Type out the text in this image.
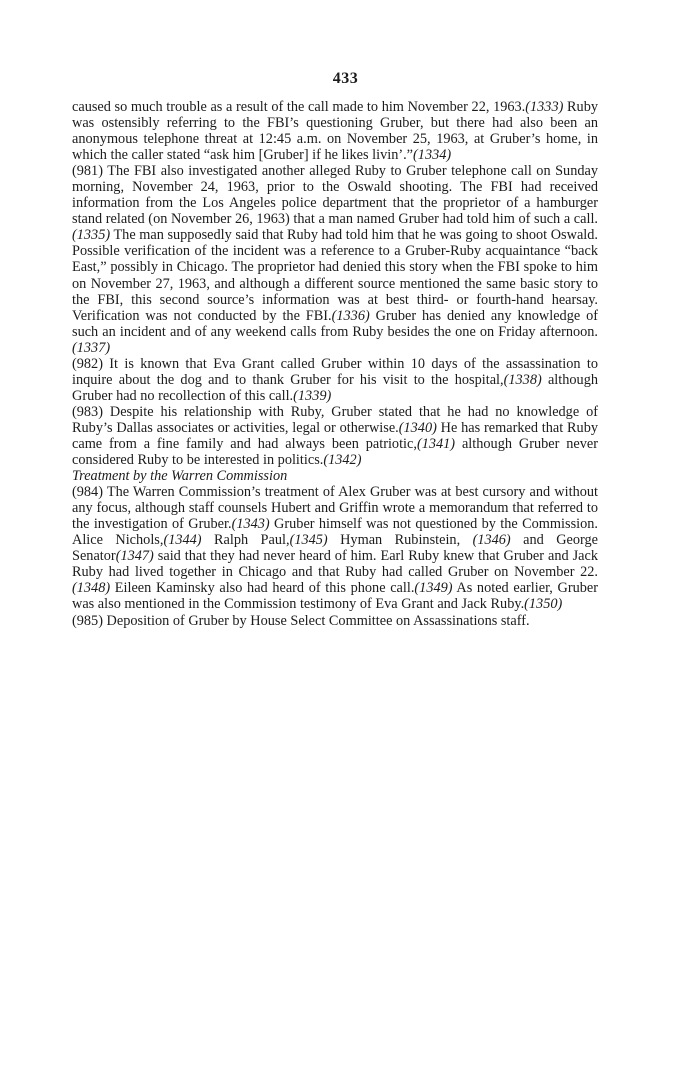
433

caused so much trouble as a result of the call made to him November 22, 1963.(1333) Ruby was ostensibly referring to the FBI’s questioning Gruber, but there had also been an anonymous telephone threat at 12:45 a.m. on November 25, 1963, at Gruber’s home, in which the caller stated “ask him [Gruber] if he likes livin’.”(1334)

(981) The FBI also investigated another alleged Ruby to Gruber telephone call on Sunday morning, November 24, 1963, prior to the Oswald shooting. The FBI had received information from the Los Angeles police department that the proprietor of a hamburger stand related (on November 26, 1963) that a man named Gruber had told him of such a call.(1335) The man supposedly said that Ruby had told him that he was going to shoot Oswald. Possible verification of the incident was a reference to a Gruber-Ruby acquaintance “back East,” possibly in Chicago. The proprietor had denied this story when the FBI spoke to him on November 27, 1963, and although a different source mentioned the same basic story to the FBI, this second source’s information was at best third- or fourth-hand hearsay. Verification was not conducted by the FBI.(1336) Gruber has denied any knowledge of such an incident and of any weekend calls from Ruby besides the one on Friday afternoon.(1337)

(982) It is known that Eva Grant called Gruber within 10 days of the assassination to inquire about the dog and to thank Gruber for his visit to the hospital,(1338) although Gruber had no recollection of this call.(1339)

(983) Despite his relationship with Ruby, Gruber stated that he had no knowledge of Ruby’s Dallas associates or activities, legal or otherwise.(1340) He has remarked that Ruby came from a fine family and had always been patriotic,(1341) although Gruber never considered Ruby to be interested in politics.(1342)

Treatment by the Warren Commission

(984) The Warren Commission’s treatment of Alex Gruber was at best cursory and without any focus, although staff counsels Hubert and Griffin wrote a memorandum that referred to the investigation of Gruber.(1343) Gruber himself was not questioned by the Commission. Alice Nichols,(1344) Ralph Paul,(1345) Hyman Rubinstein, (1346) and George Senator(1347) said that they had never heard of him. Earl Ruby knew that Gruber and Jack Ruby had lived together in Chicago and that Ruby had called Gruber on November 22.(1348) Eileen Kaminsky also had heard of this phone call.(1349) As noted earlier, Gruber was also mentioned in the Commission testimony of Eva Grant and Jack Ruby.(1350)

(985) Deposition of Gruber by House Select Committee on Assassinations staff.
